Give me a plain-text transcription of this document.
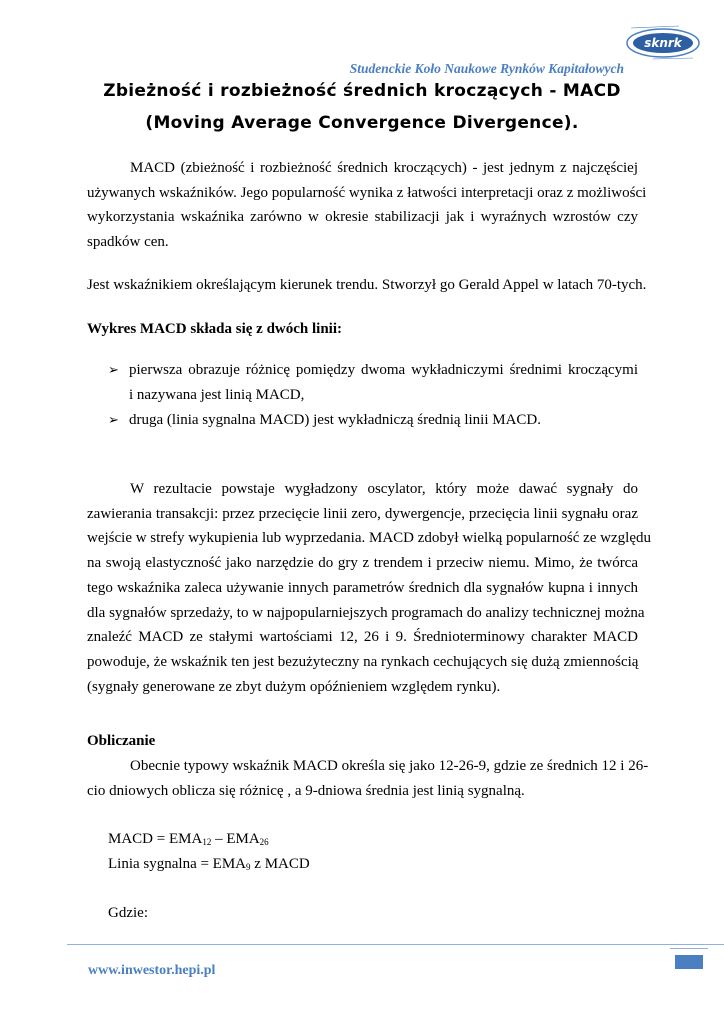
Studenckie Koło Naukowe Rynków Kapitałowych
sknrk
Zbieżność i rozbieżność średnich kroczących - MACD
(Moving Average Convergence Divergence).
MACD (zbieżność i rozbieżność średnich kroczących) - jest jednym z najczęściej
używanych wskaźników. Jego popularność wynika z łatwości interpretacji oraz z możliwości
wykorzystania wskaźnika zarówno w okresie stabilizacji jak i wyraźnych wzrostów czy
spadków cen.
Jest wskaźnikiem określającym kierunek trendu. Stworzył go Gerald Appel w latach 70-tych.
Wykres MACD składa się z dwóch linii:
➢ pierwsza obrazuje różnicę pomiędzy dwoma wykładniczymi średnimi kroczącymi
i nazywana jest linią MACD,
➢ druga (linia sygnalna MACD) jest wykładniczą średnią linii MACD.
W rezultacie powstaje wygładzony oscylator, który może dawać sygnały do
zawierania transakcji: przez przecięcie linii zero, dywergencje, przecięcia linii sygnału oraz
wejście w strefy wykupienia lub wyprzedania. MACD zdobył wielką popularność ze względu
na swoją elastyczność jako narzędzie do gry z trendem i przeciw niemu. Mimo, że twórca
tego wskaźnika zaleca używanie innych parametrów średnich dla sygnałów kupna i innych
dla sygnałów sprzedaży, to w najpopularniejszych programach do analizy technicznej można
znaleźć MACD ze stałymi wartościami 12, 26 i 9. Średnioterminowy charakter MACD
powoduje, że wskaźnik ten jest bezużyteczny na rynkach cechujących się dużą zmiennością
(sygnały generowane ze zbyt dużym opóźnieniem względem rynku).
Obliczanie
Obecnie typowy wskaźnik MACD określa się jako 12-26-9, gdzie ze średnich 12 i 26-
cio dniowych oblicza się różnicę , a 9-dniowa średnia jest linią sygnalną.
MACD = $EMA_{12} - EMA_{26}$
Linia sygnalna = $EMA_9$ z MACD
Gdzie:
www.inwestor.hepi.pl
